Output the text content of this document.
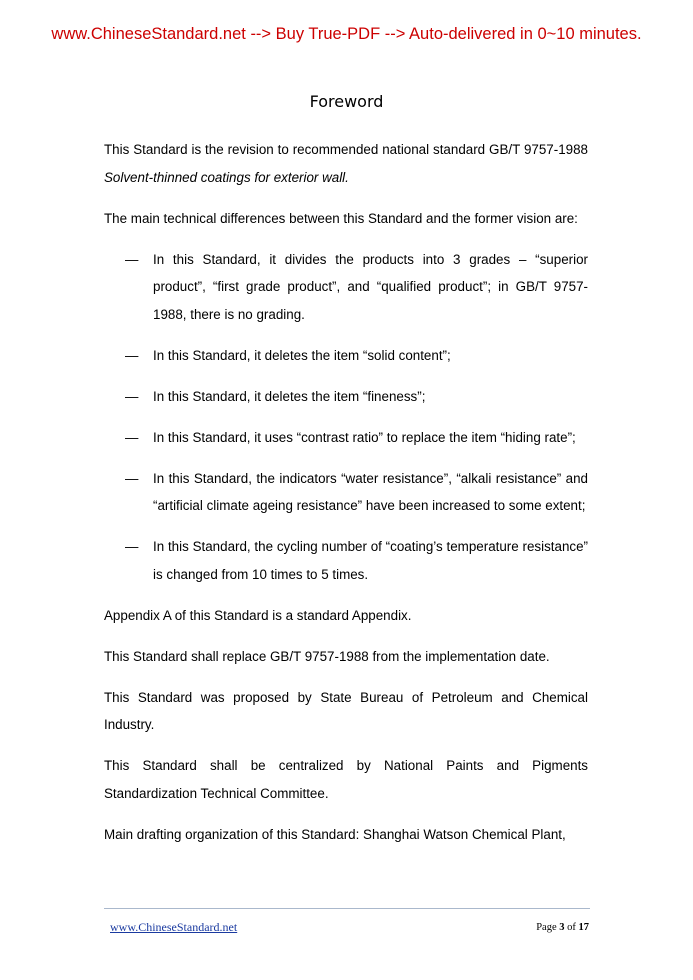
www.ChineseStandard.net --> Buy True-PDF --> Auto-delivered in 0~10 minutes.
Foreword

This Standard is the revision to recommended national standard GB/T 9757-1988 Solvent-thinned coatings for exterior wall.

The main technical differences between this Standard and the former vision are:

— In this Standard, it divides the products into 3 grades – “superior product”, “first grade product”, and “qualified product”; in GB/T 9757-1988, there is no grading.
— In this Standard, it deletes the item “solid content”;
— In this Standard, it deletes the item “fineness”;
— In this Standard, it uses “contrast ratio” to replace the item “hiding rate”;
— In this Standard, the indicators “water resistance”, “alkali resistance” and “artificial climate ageing resistance” have been increased to some extent;
— In this Standard, the cycling number of “coating’s temperature resistance” is changed from 10 times to 5 times.

Appendix A of this Standard is a standard Appendix.

This Standard shall replace GB/T 9757-1988 from the implementation date.

This Standard was proposed by State Bureau of Petroleum and Chemical Industry.

This Standard shall be centralized by National Paints and Pigments Standardization Technical Committee.

Main drafting organization of this Standard: Shanghai Watson Chemical Plant,

www.ChineseStandard.net	Page 3 of 17
